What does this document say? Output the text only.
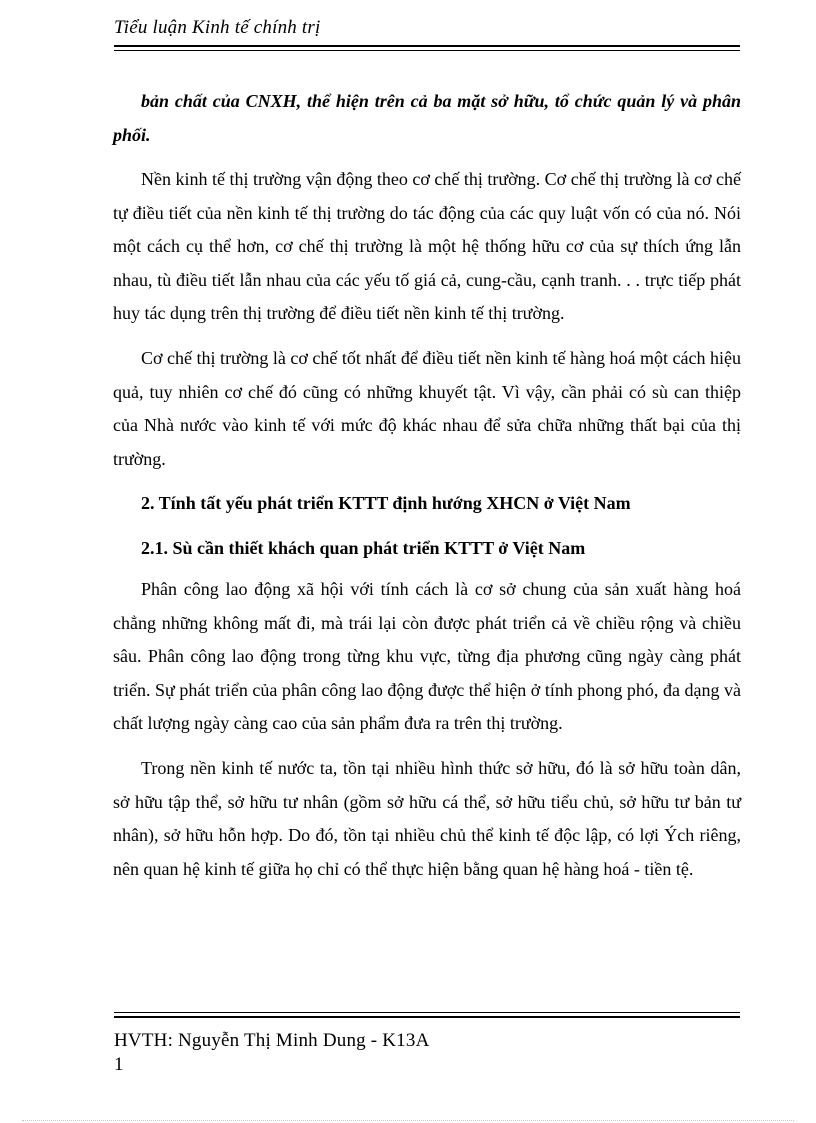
Tiểu luận Kinh tế chính trị
bản chất của CNXH, thể hiện trên cả ba mặt sở hữu, tổ chức quản lý và phân phối.
Nền kinh tế thị trường vận động theo cơ chế thị trường. Cơ chế thị trường là cơ chế tự điều tiết của nền kinh tế thị trường do tác động của các quy luật vốn có của nó. Nói một cách cụ thể hơn, cơ chế thị trường là một hệ thống hữu cơ của sự thích ứng lẫn nhau, tù điều tiết lẫn nhau của các yếu tố giá cả, cung-cầu, cạnh tranh. . . trực tiếp phát huy tác dụng trên thị trường để điều tiết nền kinh tế thị trường.
Cơ chế thị trường là cơ chế tốt nhất để điều tiết nền kinh tế hàng hoá một cách hiệu quả, tuy nhiên cơ chế đó cũng có những khuyết tật. Vì vậy, cần phải có sù can thiệp của Nhà nước vào kinh tế với mức độ khác nhau để sửa chữa những thất bại của thị trường.
2. Tính tất yếu phát triển KTTT định hướng XHCN ở Việt Nam
2.1. Sù cần thiết khách quan phát triển KTTT ở Việt Nam
Phân công lao động xã hội với tính cách là cơ sở chung của sản xuất hàng hoá chẳng những không mất đi, mà trái lại còn được phát triển cả về chiều rộng và chiều sâu. Phân công lao động trong từng khu vực, từng địa phương cũng ngày càng phát triển. Sự phát triển của phân công lao động được thể hiện ở tính phong phó, đa dạng và chất lượng ngày càng cao của sản phẩm đưa ra trên thị trường.
Trong nền kinh tế nước ta, tồn tại nhiều hình thức sở hữu, đó là sở hữu toàn dân, sở hữu tập thể, sở hữu tư nhân (gồm sở hữu cá thể, sở hữu tiểu chủ, sở hữu tư bản tư nhân), sở hữu hỗn hợp. Do đó, tồn tại nhiều chủ thể kinh tế độc lập, có lợi Ých riêng, nên quan hệ kinh tế giữa họ chỉ có thể thực hiện bằng quan hệ hàng hoá - tiền tệ.
HVTH: Nguyễn Thị Minh Dung - K13A
1
